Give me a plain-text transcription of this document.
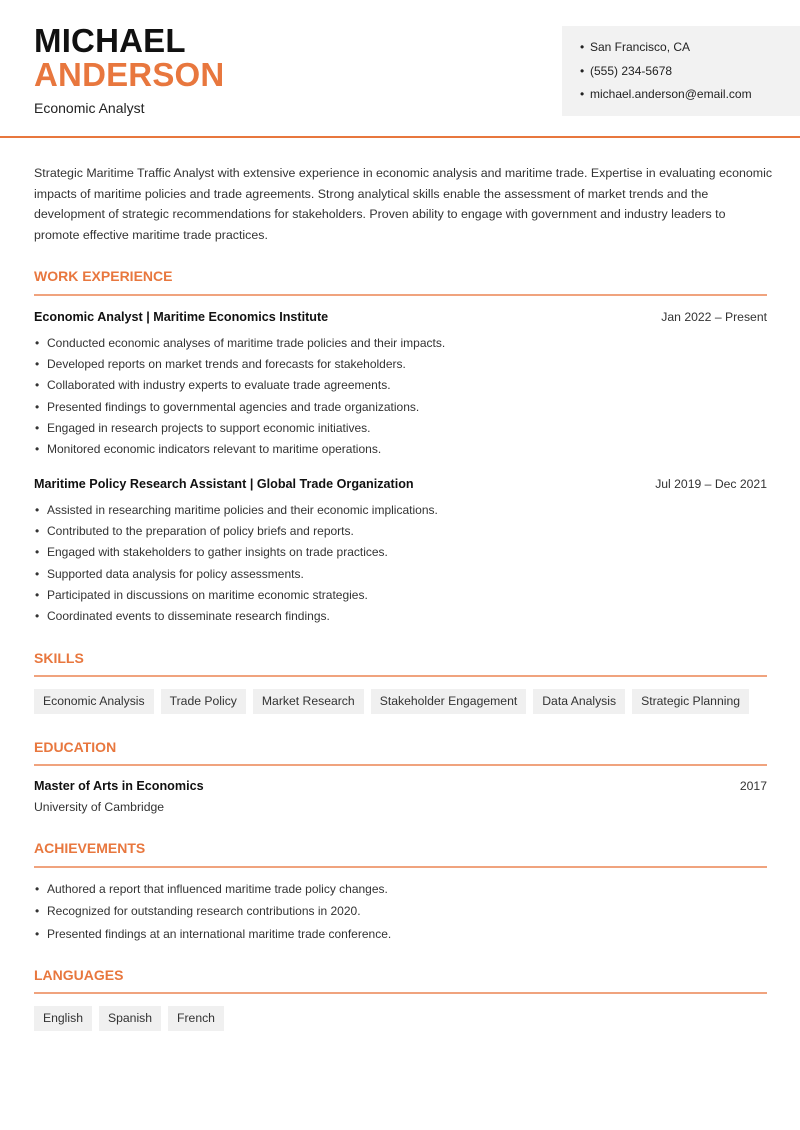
MICHAEL
ANDERSON
Economic Analyst
• San Francisco, CA
• (555) 234-5678
• michael.anderson@email.com

Strategic Maritime Traffic Analyst with extensive experience in economic analysis and maritime trade. Expertise in evaluating economic impacts of maritime policies and trade agreements. Strong analytical skills enable the assessment of market trends and the development of strategic recommendations for stakeholders. Proven ability to engage with government and industry leaders to promote effective maritime trade practices.

WORK EXPERIENCE
Economic Analyst | Maritime Economics Institute	Jan 2022 – Present
• Conducted economic analyses of maritime trade policies and their impacts.
• Developed reports on market trends and forecasts for stakeholders.
• Collaborated with industry experts to evaluate trade agreements.
• Presented findings to governmental agencies and trade organizations.
• Engaged in research projects to support economic initiatives.
• Monitored economic indicators relevant to maritime operations.
Maritime Policy Research Assistant | Global Trade Organization	Jul 2019 – Dec 2021
• Assisted in researching maritime policies and their economic implications.
• Contributed to the preparation of policy briefs and reports.
• Engaged with stakeholders to gather insights on trade practices.
• Supported data analysis for policy assessments.
• Participated in discussions on maritime economic strategies.
• Coordinated events to disseminate research findings.
SKILLS
Economic Analysis	Trade Policy	Market Research	Stakeholder Engagement	Data Analysis	Strategic Planning
EDUCATION
Master of Arts in Economics	2017
University of Cambridge
ACHIEVEMENTS
• Authored a report that influenced maritime trade policy changes.
• Recognized for outstanding research contributions in 2020.
• Presented findings at an international maritime trade conference.
LANGUAGES
English	Spanish	French
